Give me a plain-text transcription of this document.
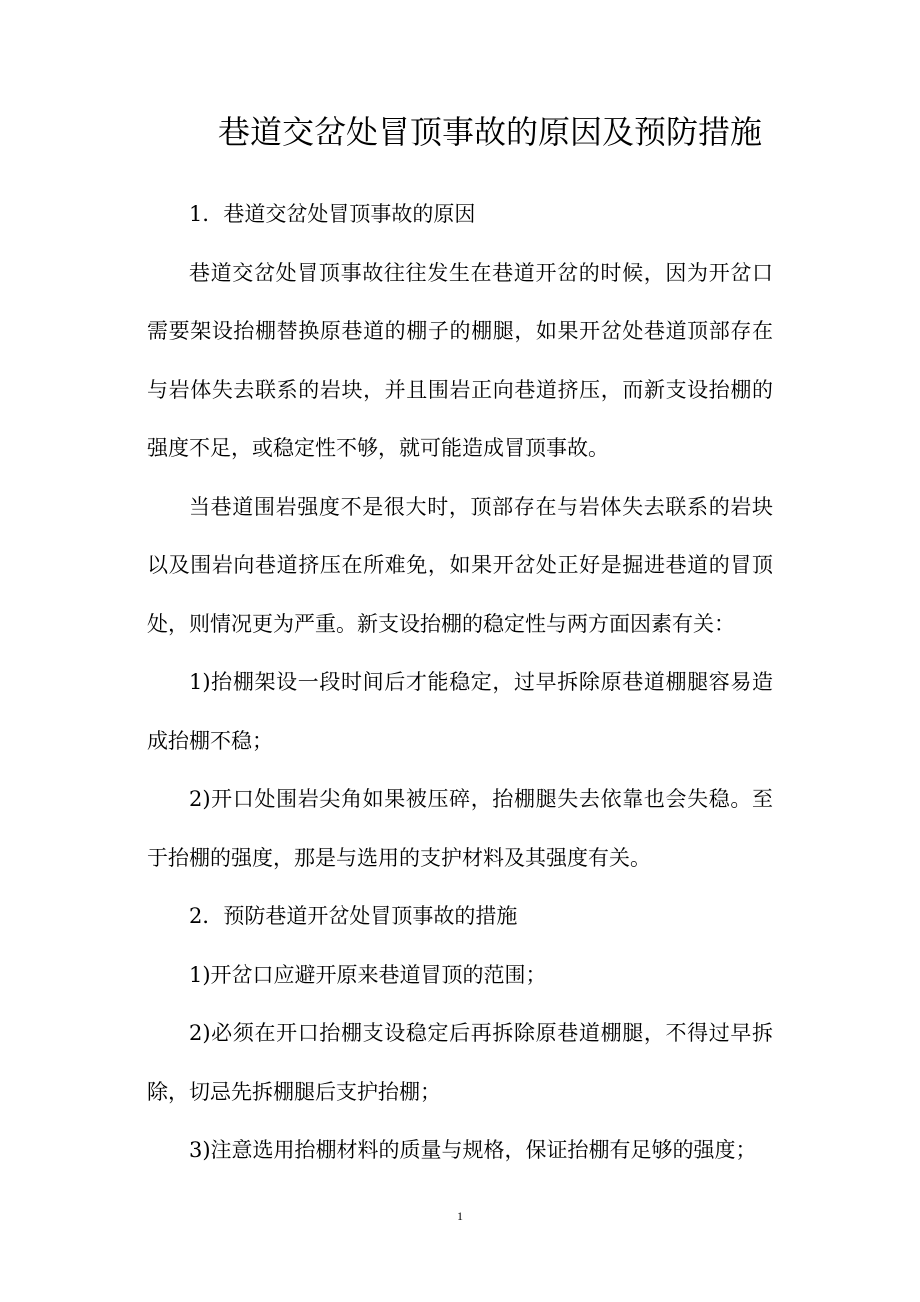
巷道交岔处冒顶事故的原因及预防措施

1．巷道交岔处冒顶事故的原因

巷道交岔处冒顶事故往往发生在巷道开岔的时候，因为开岔口需要架设抬棚替换原巷道的棚子的棚腿，如果开岔处巷道顶部存在与岩体失去联系的岩块，并且围岩正向巷道挤压，而新支设抬棚的强度不足，或稳定性不够，就可能造成冒顶事故。

当巷道围岩强度不是很大时，顶部存在与岩体失去联系的岩块以及围岩向巷道挤压在所难免，如果开岔处正好是掘进巷道的冒顶处，则情况更为严重。新支设抬棚的稳定性与两方面因素有关：

1)抬棚架设一段时间后才能稳定，过早拆除原巷道棚腿容易造成抬棚不稳；

2)开口处围岩尖角如果被压碎，抬棚腿失去依靠也会失稳。至于抬棚的强度，那是与选用的支护材料及其强度有关。

2．预防巷道开岔处冒顶事故的措施

1)开岔口应避开原来巷道冒顶的范围；

2)必须在开口抬棚支设稳定后再拆除原巷道棚腿，不得过早拆除，切忌先拆棚腿后支护抬棚；

3)注意选用抬棚材料的质量与规格，保证抬棚有足够的强度；

1
